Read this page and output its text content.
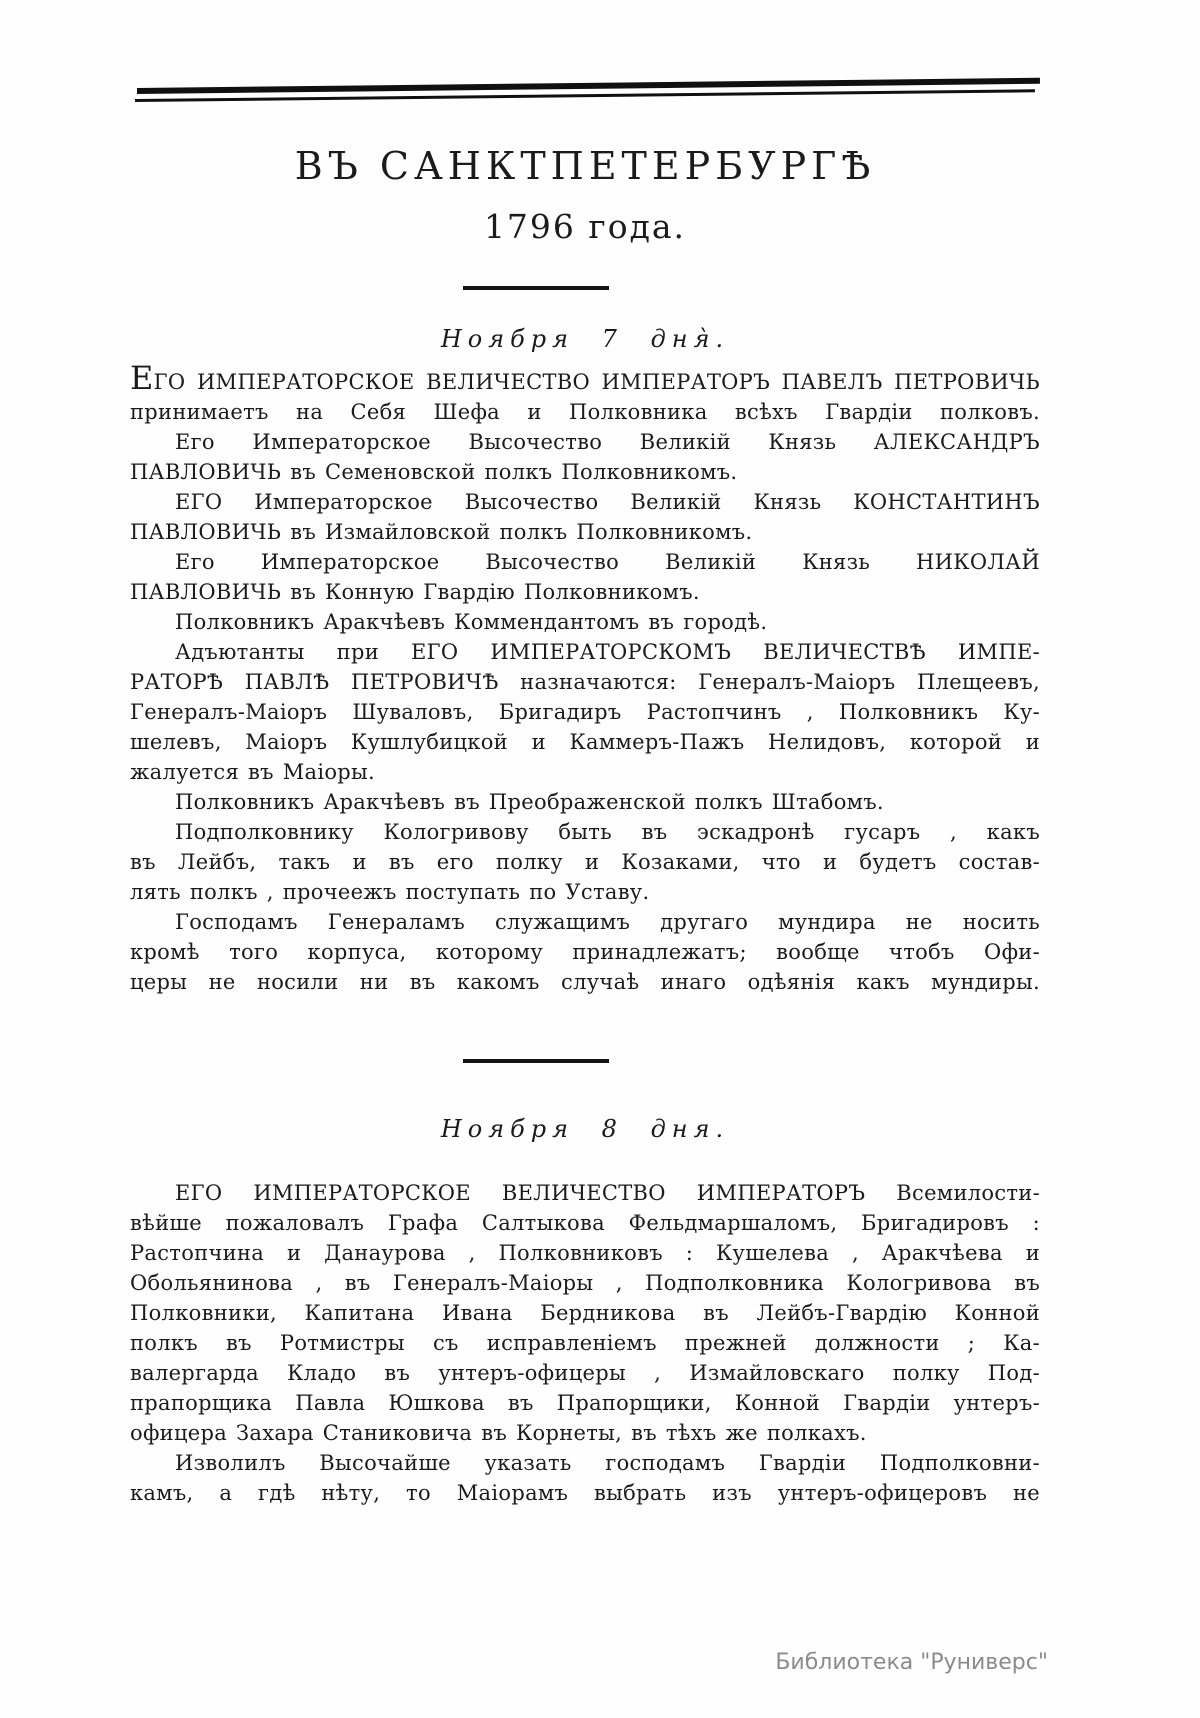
ВЪ САНКТПЕТЕРБУРГѢ
1796 года.
Ноября 7 дня̀.
ЕГО ИМПЕРАТОРСКОЕ ВЕЛИЧЕСТВО ИМПЕРАТОРЪ ПАВЕЛЪ ПЕТРОВИЧЬ
принимаетъ на Себя Шефа и Полковника всѣхъ Гвардіи полковъ.
Его Императорское Высочество Великій Князь АЛЕКСАНДРЪ
ПАВЛОВИЧЬ въ Семеновской полкъ Полковникомъ.
ЕГО Императорское Высочество Великій Князь КОНСТАНТИНЪ
ПАВЛОВИЧЬ въ Измайловской полкъ Полковникомъ.
Его Императорское Высочество Великій Князь НИКОЛАЙ
ПАВЛОВИЧЬ въ Конную Гвардію Полковникомъ.
Полковникъ Аракчѣевъ Коммендантомъ въ городѣ.
Адъютанты при ЕГО ИМПЕРАТОРСКОМЪ ВЕЛИЧЕСТВѢ ИМПЕ-
РАТОРѢ ПАВЛѢ ПЕТРОВИЧѢ назначаются: Генералъ-Маіоръ Плещеевъ,
Генералъ-Маіоръ Шуваловъ, Бригадиръ Растопчинъ , Полковникъ Ку-
шелевъ, Маіоръ Кушлубицкой и Каммеръ-Пажъ Нелидовъ, которой и
жалуется въ Маіоры.
Полковникъ Аракчѣевъ въ Преображенской полкъ Штабомъ.
Подполковнику Кологривову быть въ эскадронѣ гусаръ , какъ
въ Лейбъ, такъ и въ его полку и Козаками, что и будетъ состав-
лять полкъ , прочеежъ поступать по Уставу.
Господамъ Генераламъ служащимъ другаго мундира не носить
кромѣ того корпуса, которому принадлежатъ; вообще чтобъ Офи-
церы не носили ни въ какомъ случаѣ инаго одѣянія какъ мундиры.
Ноября 8 дня.
ЕГО ИМПЕРАТОРСКОЕ ВЕЛИЧЕСТВО ИМПЕРАТОРЪ Всемилости-
вѣйше пожаловалъ Графа Салтыкова Фельдмаршаломъ, Бригадировъ :
Растопчина и Данаурова , Полковниковъ : Кушелева , Аракчѣева и
Обольянинова , въ Генералъ-Маіоры , Подполковника Кологривова въ
Полковники, Капитана Ивана Бердникова въ Лейбъ-Гвардію Конной
полкъ въ Ротмистры съ исправленіемъ прежней должности ; Ка-
валергарда Кладо въ унтеръ-офицеры , Измайловскаго полку Под-
прапорщика Павла Юшкова въ Прапорщики, Конной Гвардіи унтеръ-
офицера Захара Станиковича въ Корнеты, въ тѣхъ же полкахъ.
Изволилъ Высочайше указать господамъ Гвардіи Подполковни-
камъ, а гдѣ нѣту, то Маіорамъ выбрать изъ унтеръ-офицеровъ не
Библиотека "Руниверс"
